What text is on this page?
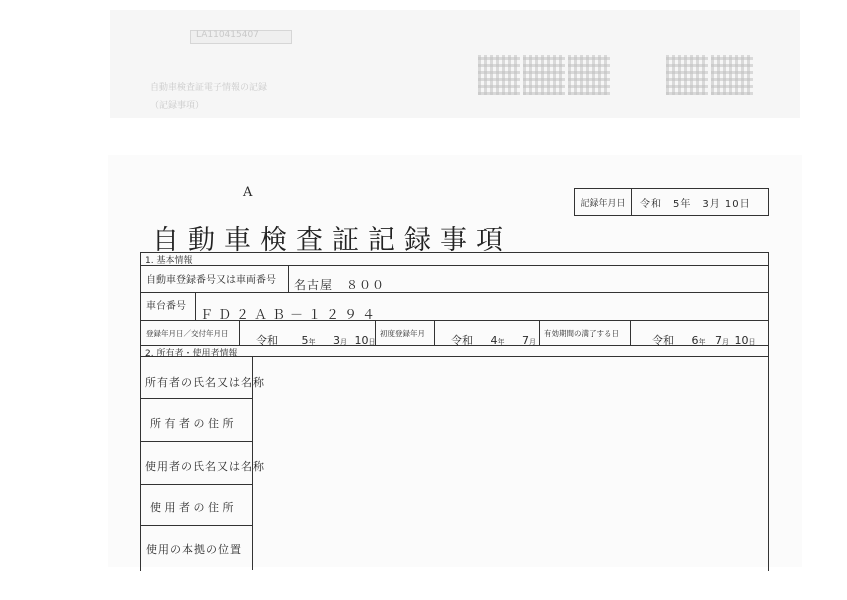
LA110415407
自動車検査証電子情報の記録
（記録事項）
A
記録年月日	令和　5年　3月 10日
自動車検査証記録事項
1. 基本情報
自動車登録番号又は車両番号 名古屋　８００
車台番号
ＦＤ２ＡＢ－１２９４
登録年月日／交付年月日
令和 5年 3月 10日
初度登録年月
令和 4年 7月
有効期間の満了する日
令和 6年 7月 10日
2. 所有者・使用者情報
所有者の氏名又は名称
所 有 者 の 住 所
使用者の氏名又は名称
使 用 者 の 住 所
使用の本拠の位置
